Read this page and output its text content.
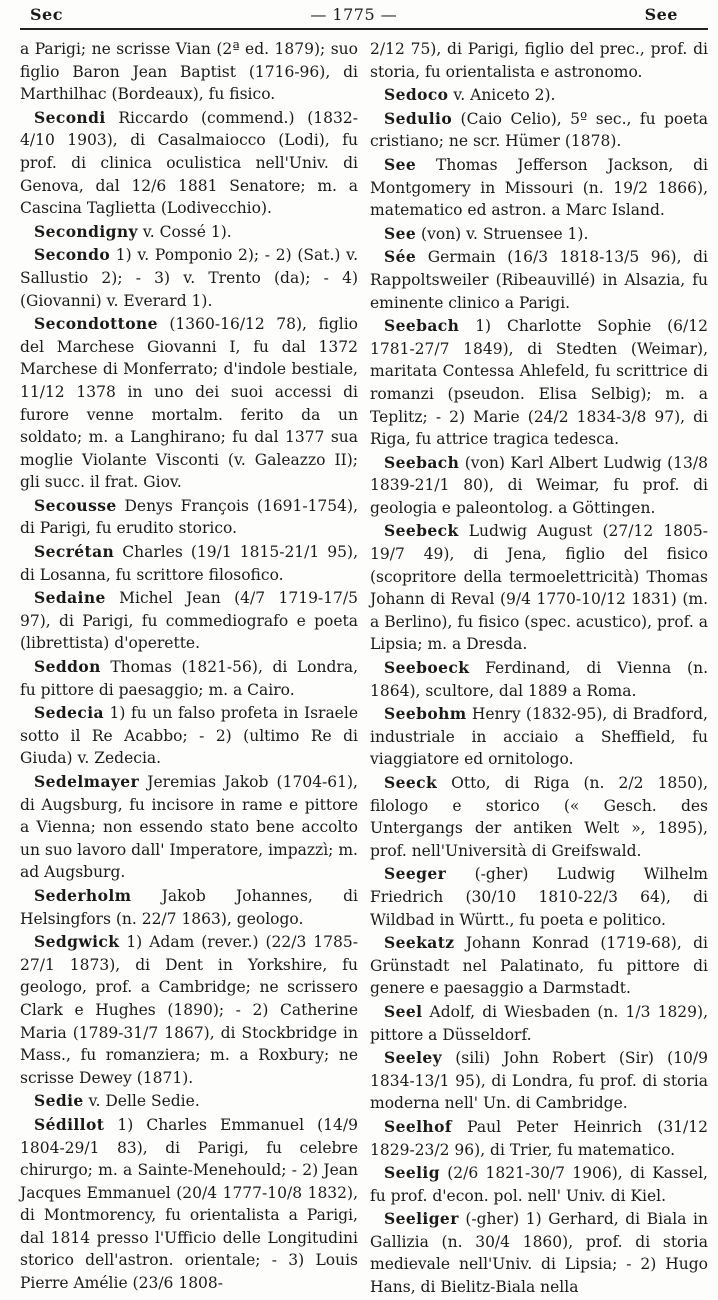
Sec	— 1775 —	See

a Parigi; ne scrisse Vian (2ª ed. 1879); suo figlio Baron Jean Baptist (1716-96), di Marthilhac (Bordeaux), fu fisico.

Secondi Riccardo (commend.) (1832-4/10 1903), di Casalmaiocco (Lodi), fu prof. di clinica oculistica nell'Univ. di Genova, dal 12/6 1881 Senatore; m. a Cascina Taglietta (Lodivecchio).

Secondigny v. Cossé 1).

Secondo 1) v. Pomponio 2); - 2) (Sat.) v. Sallustio 2); - 3) v. Trento (da); - 4) (Giovanni) v. Everard 1).

Secondottone (1360-16/12 78), figlio del Marchese Giovanni I, fu dal 1372 Marchese di Monferrato; d'indole bestiale, 11/12 1378 in uno dei suoi accessi di furore venne mortalm. ferito da un soldato; m. a Langhirano; fu dal 1377 sua moglie Violante Visconti (v. Galeazzo II); gli succ. il frat. Giov.

Secousse Denys François (1691-1754), di Parigi, fu erudito storico.

Secrétan Charles (19/1 1815-21/1 95), di Losanna, fu scrittore filosofico.

Sedaine Michel Jean (4/7 1719-17/5 97), di Parigi, fu commediografo e poeta (librettista) d'operette.

Seddon Thomas (1821-56), di Londra, fu pittore di paesaggio; m. a Cairo.

Sedecia 1) fu un falso profeta in Israele sotto il Re Acabbo; - 2) (ultimo Re di Giuda) v. Zedecia.

Sedelmayer Jeremias Jakob (1704-61), di Augsburg, fu incisore in rame e pittore a Vienna; non essendo stato bene accolto un suo lavoro dall' Imperatore, impazzì; m. ad Augsburg.

Sederholm Jakob Johannes, di Helsingfors (n. 22/7 1863), geologo.

Sedgwick 1) Adam (rever.) (22/3 1785-27/1 1873), di Dent in Yorkshire, fu geologo, prof. a Cambridge; ne scrissero Clark e Hughes (1890); - 2) Catherine Maria (1789-31/7 1867), di Stockbridge in Mass., fu romanziera; m. a Roxbury; ne scrisse Dewey (1871).

Sedie v. Delle Sedie.

Sédillot 1) Charles Emmanuel (14/9 1804-29/1 83), di Parigi, fu celebre chirurgo; m. a Sainte-Menehould; - 2) Jean Jacques Emmanuel (20/4 1777-10/8 1832), di Montmorency, fu orientalista a Parigi, dal 1814 presso l'Ufficio delle Longitudini storico dell'astron. orientale; - 3) Louis Pierre Amélie (23/6 1808-

2/12 75), di Parigi, figlio del prec., prof. di storia, fu orientalista e astronomo.

Sedoco v. Aniceto 2).

Sedulio (Caio Celio), 5º sec., fu poeta cristiano; ne scr. Hümer (1878).

See Thomas Jefferson Jackson, di Montgomery in Missouri (n. 19/2 1866), matematico ed astron. a Marc Island.

See (von) v. Struensee 1).

Sée Germain (16/3 1818-13/5 96), di Rappoltsweiler (Ribeauvillé) in Alsazia, fu eminente clinico a Parigi.

Seebach 1) Charlotte Sophie (6/12 1781-27/7 1849), di Stedten (Weimar), maritata Contessa Ahlefeld, fu scrittrice di romanzi (pseudon. Elisa Selbig); m. a Teplitz; - 2) Marie (24/2 1834-3/8 97), di Riga, fu attrice tragica tedesca.

Seebach (von) Karl Albert Ludwig (13/8 1839-21/1 80), di Weimar, fu prof. di geologia e paleontolog. a Göttingen.

Seebeck Ludwig August (27/12 1805-19/7 49), di Jena, figlio del fisico (scopritore della termoelettricità) Thomas Johann di Reval (9/4 1770-10/12 1831) (m. a Berlino), fu fisico (spec. acustico), prof. a Lipsia; m. a Dresda.

Seeboeck Ferdinand, di Vienna (n. 1864), scultore, dal 1889 a Roma.

Seebohm Henry (1832-95), di Bradford, industriale in acciaio a Sheffield, fu viaggiatore ed ornitologo.

Seeck Otto, di Riga (n. 2/2 1850), filologo e storico (« Gesch. des Untergangs der antiken Welt », 1895), prof. nell'Università di Greifswald.

Seeger (-gher) Ludwig Wilhelm Friedrich (30/10 1810-22/3 64), di Wildbad in Württ., fu poeta e politico.

Seekatz Johann Konrad (1719-68), di Grünstadt nel Palatinato, fu pittore di genere e paesaggio a Darmstadt.

Seel Adolf, di Wiesbaden (n. 1/3 1829), pittore a Düsseldorf.

Seeley (sili) John Robert (Sir) (10/9 1834-13/1 95), di Londra, fu prof. di storia moderna nell' Un. di Cambridge.

Seelhof Paul Peter Heinrich (31/12 1829-23/2 96), di Trier, fu matematico.

Seelig (2/6 1821-30/7 1906), di Kassel, fu prof. d'econ. pol. nell' Univ. di Kiel.

Seeliger (-gher) 1) Gerhard, di Biala in Gallizia (n. 30/4 1860), prof. di storia medievale nell'Univ. di Lipsia; - 2) Hugo Hans, di Bielitz-Biala nella
